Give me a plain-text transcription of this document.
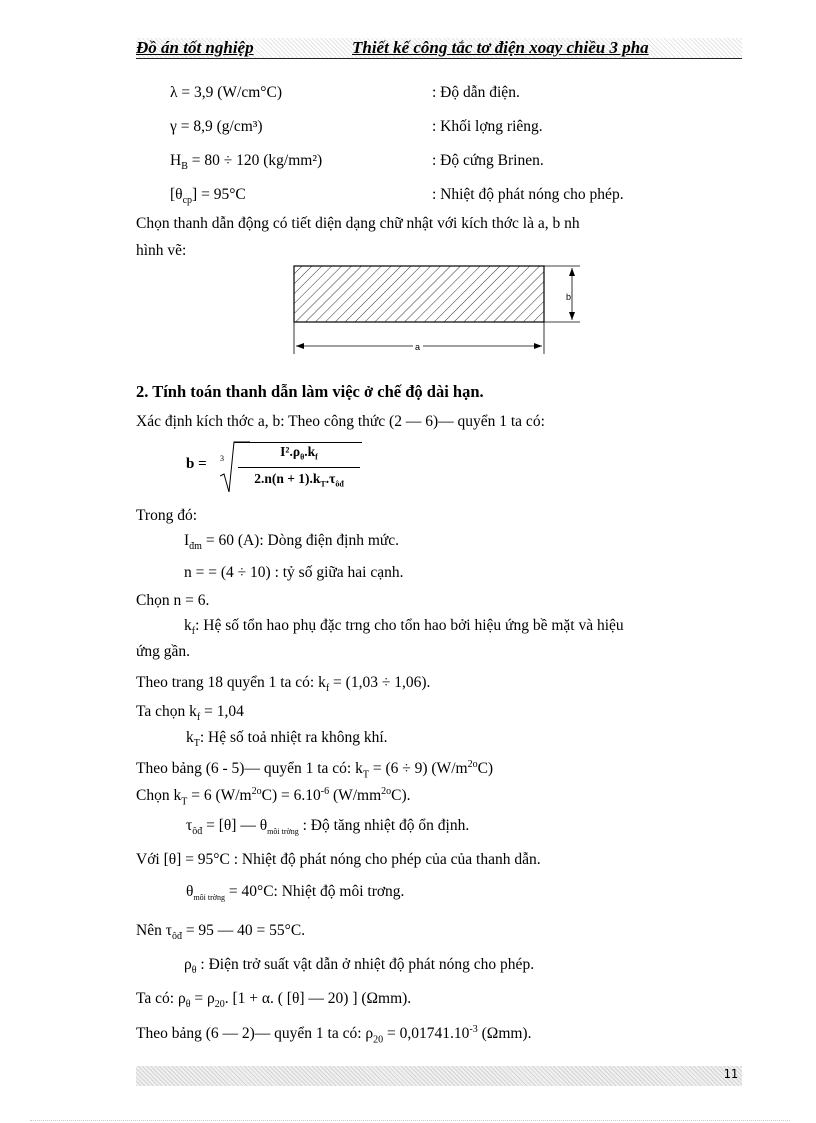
Đồ án tốt nghiệp	Thiết kế công tắc tơ điện xoay chiều 3 pha
λ = 3,9 (W/cm°C)	: Độ dẫn điện.
γ = 8,9 (g/cm³)	: Khối lợng riêng.
$H_B = 80 \div 120$ (kg/mm²)	: Độ cứng Brinen.
$[\theta_{cp}] = 95^\circ C$	: Nhiệt độ phát nóng cho phép.
Chọn thanh dẫn động có tiết diện dạng chữ nhật với kích thớc là a, b nh
hình vẽ:
b
a
2. Tính toán thanh dẫn làm việc ở chế độ dài hạn.
Xác định kích thớc a, b: Theo công thức (2 — 6)— quyển 1 ta có:
b = 3	$I^2.\rho_\theta.k_f$
$2.n(n + 1).k_T.\tau_{ôđ}$
Trong đó:
$I_{đm} = 60$ (A): Dòng điện định mức.
n = = (4 ÷ 10) : tỷ số giữa hai cạnh.
Chọn n = 6.
$k_f$: Hệ số tổn hao phụ đặc trng cho tổn hao bởi hiệu ứng bề mặt và hiệu
ứng gần.
Theo trang 18 quyển 1 ta có: $k_f = (1,03 \div 1,06)$.
Ta chọn $k_f = 1,04$
$k_T$: Hệ số toả nhiệt ra không khí.
Theo bảng (6 - 5)— quyển 1 ta có: $k_T = (6 \div 9)$ $(W/m^{2o}C)$
Chọn $k_T = 6$ $(W/m^{2o}C) = 6.10^{-6}$ $(W/mm^{2o}C)$.
$\tau_{ôđ} = [\theta]$ — $\theta_{môi trờng}$ : Độ tăng nhiệt độ ổn định.
Với [θ] = 95°C : Nhiệt độ phát nóng cho phép của của thanh dẫn.
$\theta_{môi trờng} = 40^\circ C$: Nhiệt độ môi trơng.
Nên $\tau_{ôđ} = 95$ — 40 = 55°C.
$\rho_\theta$ : Điện trở suất vật dẫn ở nhiệt độ phát nóng cho phép.
Ta có: $\rho_\theta = \rho_{20}$. [1 + α. ( [θ] — 20) ] (Ωmm).
Theo bảng (6 — 2)— quyển 1 ta có: $\rho_{20} = 0,01741.10^{-3}$ (Ωmm).
11
